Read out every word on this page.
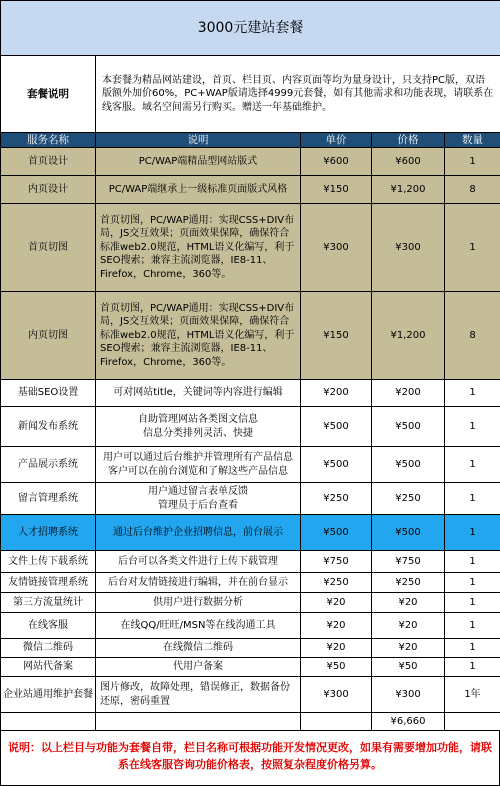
3000元建站套餐				
套餐说明	本套餐为精品网站建设，首页、栏目页、内容页面等均为量身设计，只支持PC版，双语版额外加价60%，PC+WAP版请选择4999元套餐，如有其他需求和功能表现，请联系在线客服。域名空间需另行购买。赠送一年基础维护。			
服务名称	说明	单价	价格	数量
首页设计	PC/WAP端精品型网站版式	¥600	¥600	1
内页设计	PC/WAP端继承上一级标准页面版式风格	¥150	¥1,200	8
首页切图	首页切图，PC/WAP通用：实现CSS+DIV布局，JS交互效果；页面效果保障，确保符合标准web2.0规范，HTML语义化编写，利于SEO搜索；兼容主流浏览器，IE8-11、Firefox，Chrome，360等。	¥300	¥300	1
内页切图	首页切图，PC/WAP通用：实现CSS+DIV布局，JS交互效果；页面效果保障，确保符合标准web2.0规范，HTML语义化编写，利于SEO搜索；兼容主流浏览器，IE8-11、Firefox，Chrome，360等。	¥150	¥1,200	8
基础SEO设置	可对网站title，关键词等内容进行编辑	¥200	¥200	1
新闻发布系统	自助管理网站各类图文信息
信息分类排列灵活、快捷	¥500	¥500	1
产品展示系统	用户可以通过后台维护并管理所有产品信息
客户可以在前台浏览和了解这些产品信息	¥500	¥500	1
留言管理系统	用户通过留言表单反馈
管理员于后台查看	¥250	¥250	1
人才招聘系统	通过后台维护企业招聘信息，前台展示	¥500	¥500	1
文件上传下载系统	后台可以各类文件进行上传下载管理	¥750	¥750	1
友情链接管理系统	后台对友情链接进行编辑，并在前台显示	¥250	¥250	1
第三方流量统计	供用户进行数据分析	¥20	¥20	1
在线客服	在线QQ/旺旺/MSN等在线沟通工具	¥20	¥20	1
微信二维码	在线微信二维码	¥20	¥20	1
网站代备案	代用户备案	¥50	¥50	1
企业站通用维护套餐	图片修改，故障处理，错误修正，数据备份还原，密码重置	¥300	¥300	1年
			¥6,660	
说明：以上栏目与功能为套餐自带，栏目名称可根据功能开发情况更改，如果有需要增加功能，请联系在线客服咨询功能价格表，按照复杂程度价格另算。
